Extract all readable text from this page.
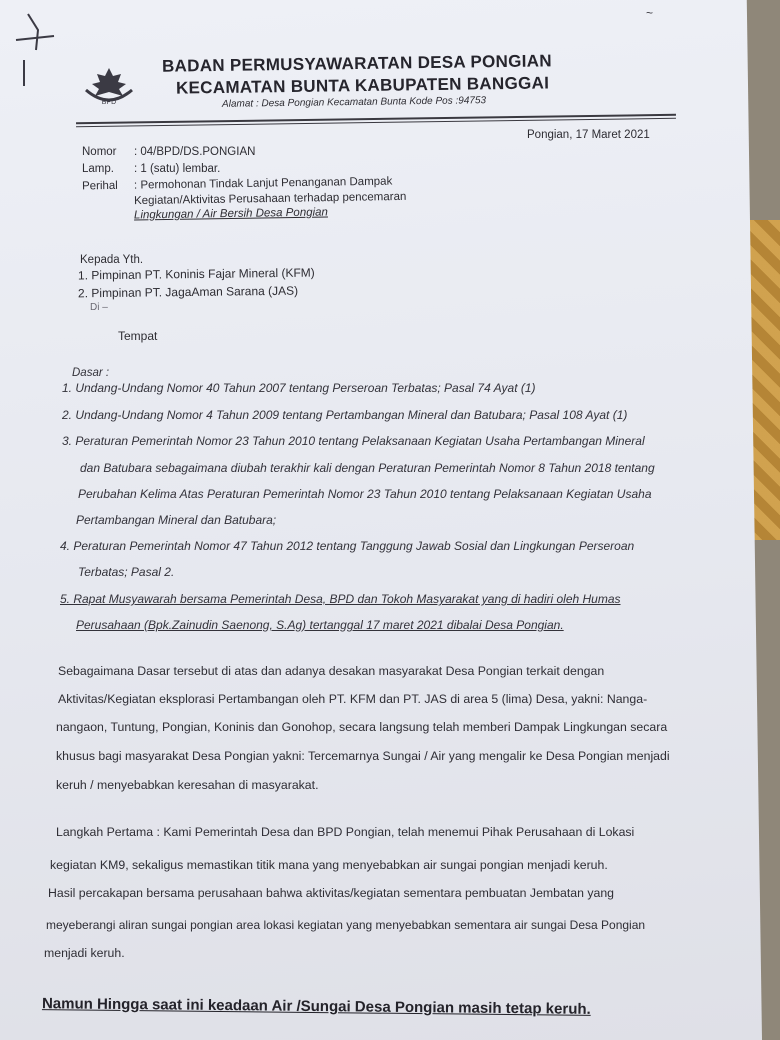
~
BPD
BADAN PERMUSYAWARATAN DESA PONGIAN
KECAMATAN BUNTA KABUPATEN BANGGAI
Alamat : Desa Pongian Kecamatan Bunta Kode Pos :94753
Pongian, 17 Maret 2021
Nomor : 04/BPD/DS.PONGIAN
Lamp. : 1 (satu) lembar.
Perihal : Permohonan Tindak Lanjut Penanganan Dampak
Kegiatan/Aktivitas Perusahaan terhadap pencemaran
Lingkungan / Air Bersih Desa Pongian
Kepada Yth.
1. Pimpinan PT. Koninis Fajar Mineral (KFM)
2. Pimpinan PT. JagaAman Sarana (JAS)
Di –
Tempat
Dasar :
1. Undang-Undang Nomor 40 Tahun 2007 tentang Perseroan Terbatas; Pasal 74 Ayat (1)
2. Undang-Undang Nomor 4 Tahun 2009 tentang Pertambangan Mineral dan Batubara; Pasal 108 Ayat (1)
3. Peraturan Pemerintah Nomor 23 Tahun 2010 tentang Pelaksanaan Kegiatan Usaha Pertambangan Mineral
dan Batubara sebagaimana diubah terakhir kali dengan Peraturan Pemerintah Nomor 8 Tahun 2018 tentang
Perubahan Kelima Atas Peraturan Pemerintah Nomor 23 Tahun 2010 tentang Pelaksanaan Kegiatan Usaha
Pertambangan Mineral dan Batubara;
4. Peraturan Pemerintah Nomor 47 Tahun 2012 tentang Tanggung Jawab Sosial dan Lingkungan Perseroan
Terbatas; Pasal 2.
5. Rapat Musyawarah bersama Pemerintah Desa, BPD dan Tokoh Masyarakat yang di hadiri oleh Humas
Perusahaan (Bpk.Zainudin Saenong, S.Ag) tertanggal 17 maret 2021 dibalai Desa Pongian.
Sebagaimana Dasar tersebut di atas dan adanya desakan masyarakat Desa Pongian terkait dengan
Aktivitas/Kegiatan eksplorasi Pertambangan oleh PT. KFM dan PT. JAS di area 5 (lima) Desa, yakni: Nanga-
nangaon, Tuntung, Pongian, Koninis dan Gonohop, secara langsung telah memberi Dampak Lingkungan secara
khusus bagi masyarakat Desa Pongian yakni: Tercemarnya Sungai / Air yang mengalir ke Desa Pongian menjadi
keruh / menyebabkan keresahan di masyarakat.
Langkah Pertama : Kami Pemerintah Desa dan BPD Pongian, telah menemui Pihak Perusahaan di Lokasi
kegiatan KM9, sekaligus memastikan titik mana yang menyebabkan air sungai pongian menjadi keruh.
Hasil percakapan bersama perusahaan bahwa aktivitas/kegiatan sementara pembuatan Jembatan yang
meyeberangi aliran sungai pongian area lokasi kegiatan yang menyebabkan sementara air sungai Desa Pongian
menjadi keruh.
Namun Hingga saat ini keadaan Air /Sungai Desa Pongian masih tetap keruh.
